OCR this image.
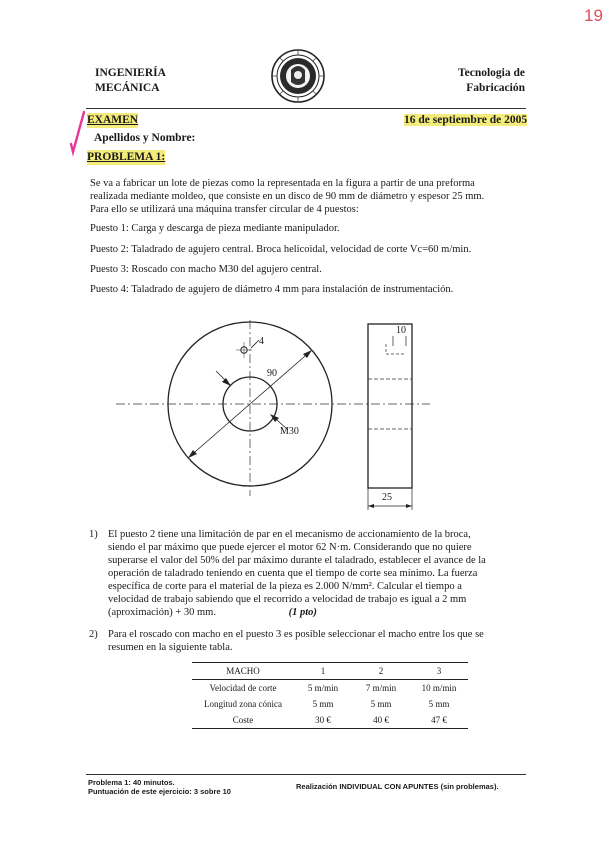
19
INGENIERÍA
MECÁNICA
Tecnologia de
Fabricación
EXAMEN	16 de septiembre de 2005
Apellidos y Nombre:
PROBLEMA 1:
Se va a fabricar un lote de piezas como la representada en la figura a partir de una preforma
realizada mediante moldeo, que consiste en un disco de 90 mm de diámetro y espesor 25 mm.
Para ello se utilizará una máquina transfer circular de 4 puestos:
Puesto 1: Carga y descarga de pieza mediante manipulador.
Puesto 2: Taladrado de agujero central. Broca helicoidal, velocidad de corte Vc=60 m/min.
Puesto 3: Roscado con macho M30 del agujero central.
Puesto 4: Taladrado de agujero de diámetro 4 mm para instalación de instrumentación.
4
90
M30
10
25
1) El puesto 2 tiene una limitación de par en el mecanismo de accionamiento de la broca,
siendo el par máximo que puede ejercer el motor 62 N·m. Considerando que no quiere
superarse el valor del 50% del par máximo durante el taladrado, establecer el avance de la
operación de taladrado teniendo en cuenta que el tiempo de corte sea mínimo. La fuerza
específica de corte para el material de la pieza es 2.000 N/mm². Calcular el tiempo a
velocidad de trabajo sabiendo que el recorrido a velocidad de trabajo es igual a 2 mm
(aproximación) + 30 mm.	(1 pto)
2) Para el roscado con macho en el puesto 3 es posible seleccionar el macho entre los que se
resumen en la siguiente tabla.
MACHO	1	2	3
Velocidad de corte	5 m/min	7 m/min	10 m/min
Longitud zona cónica	5 mm	5 mm	5 mm
Coste	30 €	40 €	47 €
Problema 1: 40 minutos.
Puntuación de este ejercicio: 3 sobre 10
Realización INDIVIDUAL CON APUNTES (sin problemas).
